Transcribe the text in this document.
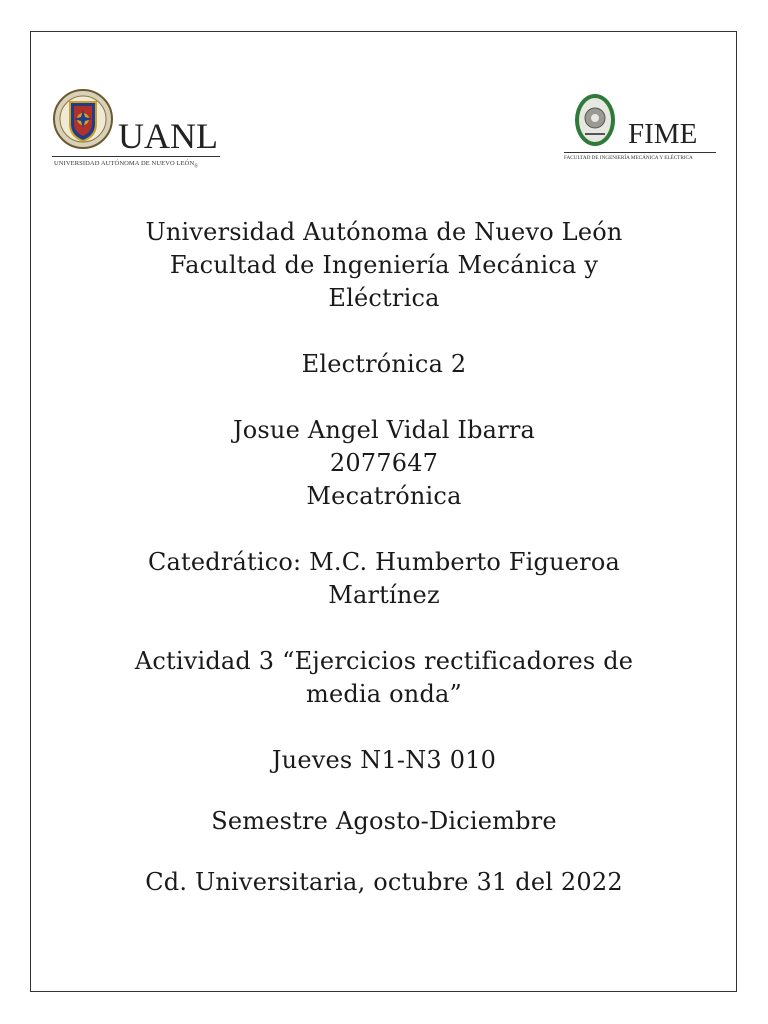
UANL
UNIVERSIDAD AUTÓNOMA DE NUEVO $LEÓN_®$
FIME
FACULTAD DE INGENIERÍA MECÁNICA Y ELÉCTRICA
Universidad Autónoma de Nuevo León
Facultad de Ingeniería Mecánica y
Eléctrica
Electrónica 2
Josue Angel Vidal Ibarra
2077647
Mecatrónica
Catedrático: M.C. Humberto Figueroa
Martínez
Actividad 3 “Ejercicios rectificadores de
media onda”
Jueves N1-N3 010
Semestre Agosto-Diciembre
Cd. Universitaria, octubre 31 del 2022
